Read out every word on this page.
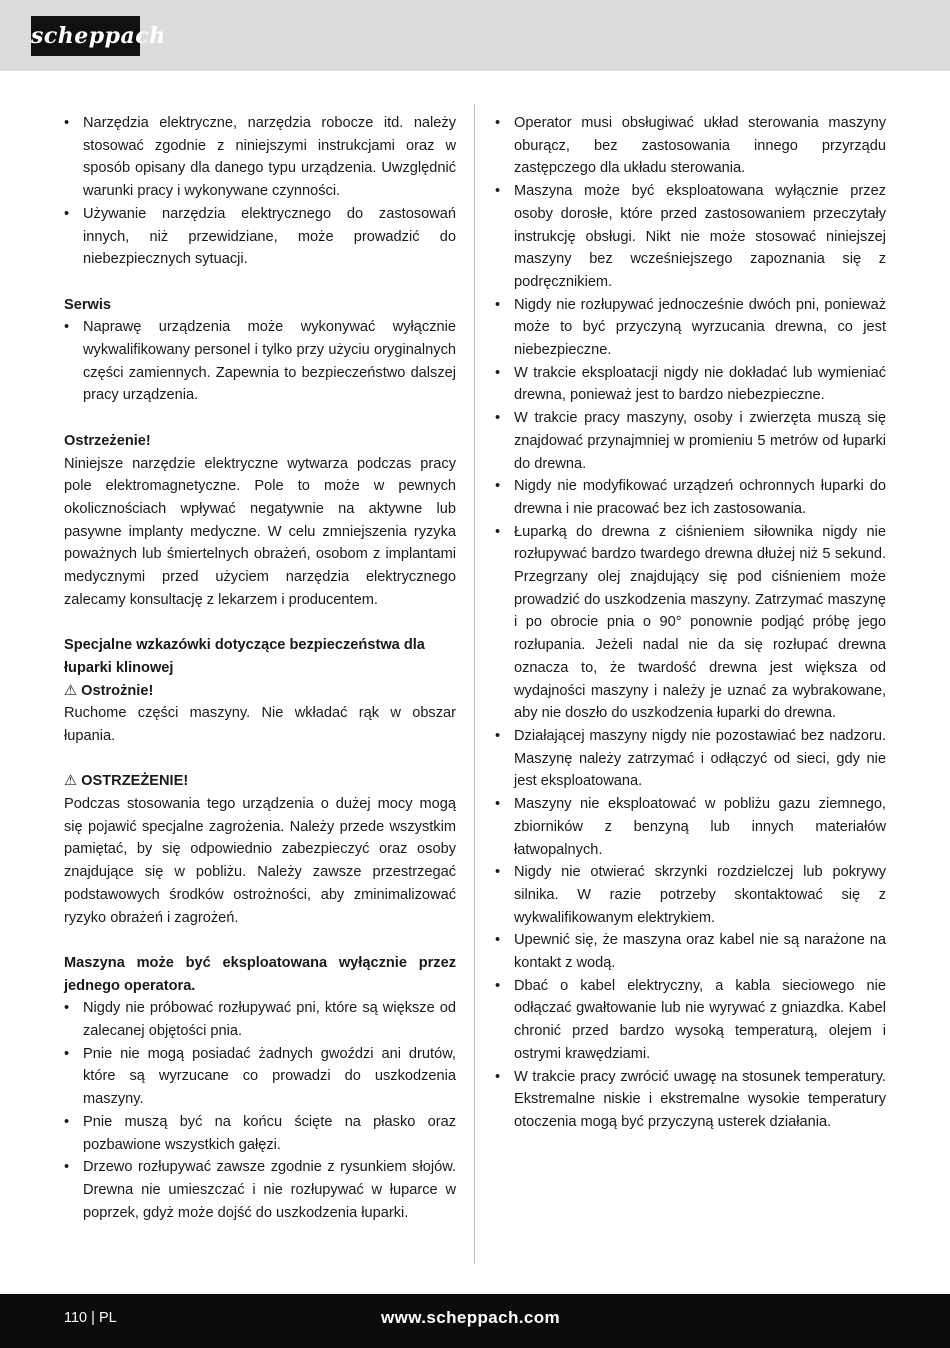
scheppach
• Narzędzia elektryczne, narzędzia robocze itd. należy stosować zgodnie z niniejszymi instrukcjami oraz w sposób opisany dla danego typu urządzenia. Uwzględnić warunki pracy i wykonywane czynności.
• Używanie narzędzia elektrycznego do zastosowań innych, niż przewidziane, może prowadzić do niebezpiecznych sytuacji.
Serwis
• Naprawę urządzenia może wykonywać wyłącznie wykwalifikowany personel i tylko przy użyciu oryginalnych części zamiennych. Zapewnia to bezpieczeństwo dalszej pracy urządzenia.
Ostrzeżenie!

Niniejsze narzędzie elektryczne wytwarza podczas pracy pole elektromagnetyczne. Pole to może w pewnych okolicznościach wpływać negatywnie na aktywne lub pasywne implanty medyczne. W celu zmniejszenia ryzyka poważnych lub śmiertelnych obrażeń, osobom z implantami medycznymi przed użyciem narzędzia elektrycznego zalecamy konsultację z lekarzem i producentem.

Specjalne wzkazówki dotyczące bezpieczeństwa dla łuparki klinowej
⚠ Ostrożnie!

Ruchome części maszyny. Nie wkładać rąk w obszar łupania.

⚠ OSTRZEŻENIE!

Podczas stosowania tego urządzenia o dużej mocy mogą się pojawić specjalne zagrożenia. Należy przede wszystkim pamiętać, by się odpowiednio zabezpieczyć oraz osoby znajdujące się w pobliżu. Należy zawsze przestrzegać podstawowych środków ostrożności, aby zminimalizować ryzyko obrażeń i zagrożeń.

Maszyna może być eksploatowana wyłącznie przez jednego operatora.
• Nigdy nie próbować rozłupywać pni, które są większe od zalecanej objętości pnia.
• Pnie nie mogą posiadać żadnych gwoździ ani drutów, które są wyrzucane co prowadzi do uszkodzenia maszyny.
• Pnie muszą być na końcu ścięte na płasko oraz pozbawione wszystkich gałęzi.
• Drzewo rozłupywać zawsze zgodnie z rysunkiem słojów. Drewna nie umieszczać i nie rozłupywać w łuparce w poprzek, gdyż może dojść do uszkodzenia łuparki.
• Operator musi obsługiwać układ sterowania maszyny oburącz, bez zastosowania innego przyrządu zastępczego dla układu sterowania.
• Maszyna może być eksploatowana wyłącznie przez osoby dorosłe, które przed zastosowaniem przeczytały instrukcję obsługi. Nikt nie może stosować niniejszej maszyny bez wcześniejszego zapoznania się z podręcznikiem.
• Nigdy nie rozłupywać jednocześnie dwóch pni, ponieważ może to być przyczyną wyrzucania drewna, co jest niebezpieczne.
• W trakcie eksploatacji nigdy nie dokładać lub wymieniać drewna, ponieważ jest to bardzo niebezpieczne.
• W trakcie pracy maszyny, osoby i zwierzęta muszą się znajdować przynajmniej w promieniu 5 metrów od łuparki do drewna.
• Nigdy nie modyfikować urządzeń ochronnych łuparki do drewna i nie pracować bez ich zastosowania.
• Łuparką do drewna z ciśnieniem siłownika nigdy nie rozłupywać bardzo twardego drewna dłużej niż 5 sekund. Przegrzany olej znajdujący się pod ciśnieniem może prowadzić do uszkodzenia maszyny. Zatrzymać maszynę i po obrocie pnia o 90° ponownie podjąć próbę jego rozłupania. Jeżeli nadal nie da się rozłupać drewna oznacza to, że twardość drewna jest większa od wydajności maszyny i należy je uznać za wybrakowane, aby nie doszło do uszkodzenia łuparki do drewna.
• Działającej maszyny nigdy nie pozostawiać bez nadzoru. Maszynę należy zatrzymać i odłączyć od sieci, gdy nie jest eksploatowana.
• Maszyny nie eksploatować w pobliżu gazu ziemnego, zbiorników z benzyną lub innych materiałów łatwopalnych.
• Nigdy nie otwierać skrzynki rozdzielczej lub pokrywy silnika. W razie potrzeby skontaktować się z wykwalifikowanym elektrykiem.
• Upewnić się, że maszyna oraz kabel nie są narażone na kontakt z wodą.
• Dbać o kabel elektryczny, a kabla sieciowego nie odłączać gwałtowanie lub nie wyrywać z gniazdka. Kabel chronić przed bardzo wysoką temperaturą, olejem i ostrymi krawędziami.
• W trakcie pracy zwrócić uwagę na stosunek temperatury. Ekstremalne niskie i ekstremalne wysokie temperatury otoczenia mogą być przyczyną usterek działania.
110 | PL	www.scheppach.com
